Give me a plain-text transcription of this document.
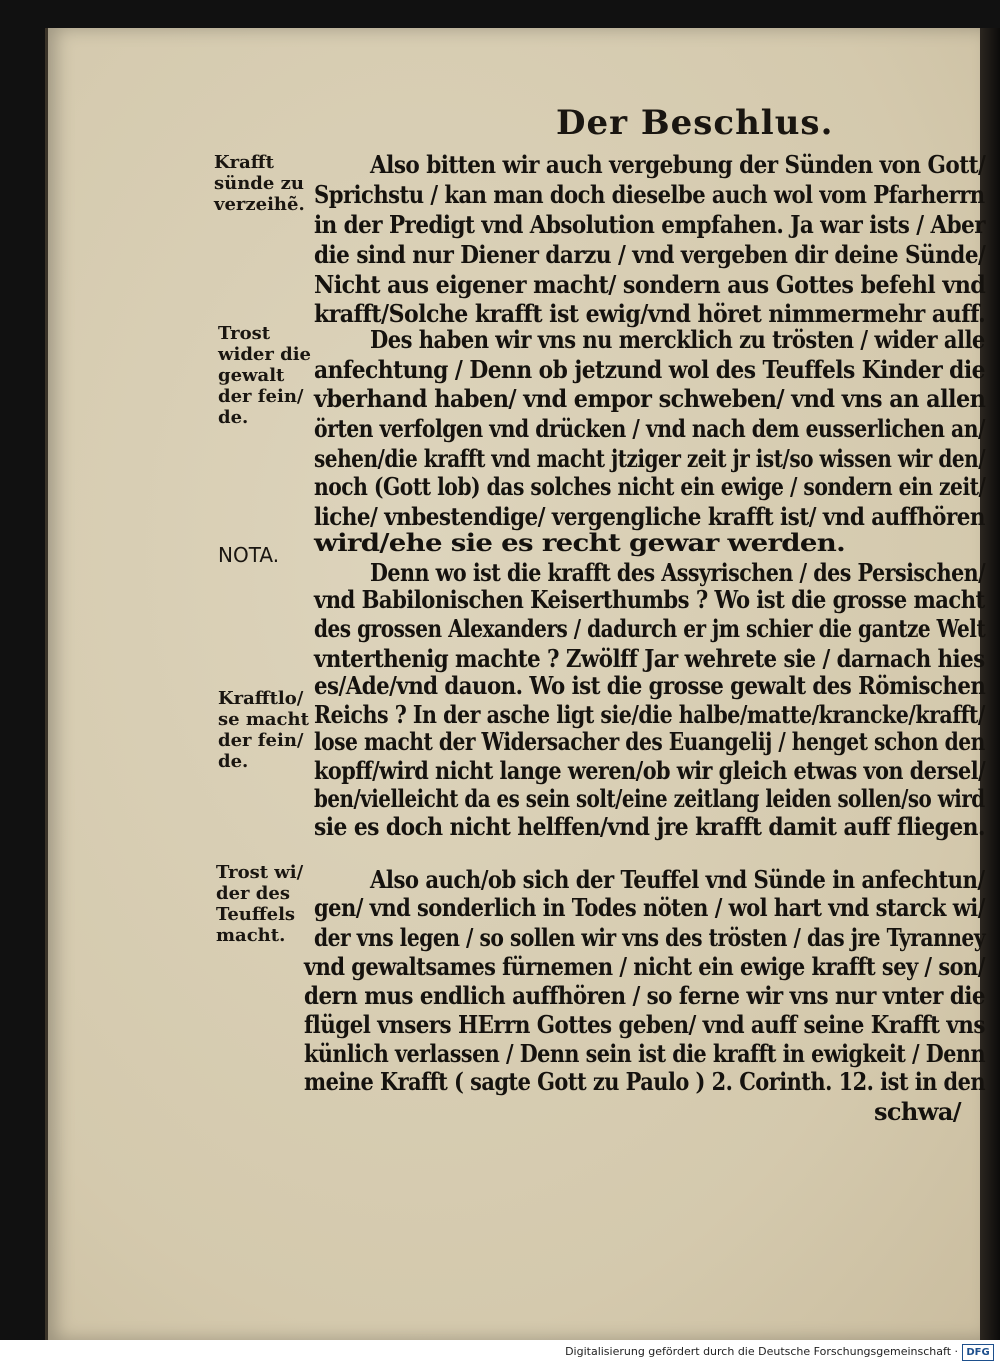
Der Beschlus.
Krafft
sünde zu
verzeihẽ.
Trost
wider die
gewalt
der fein/
de.
NOTA.
Krafftlo/
se macht
der fein/
de.
Trost wi/
der des
Teuffels
macht.
Also bitten wir auch vergebung der Sünden von Gott/
Sprichstu / kan man doch dieselbe auch wol vom Pfarherrn
in der Predigt vnd Absolution empfahen. Ja war ists / Aber
die sind nur Diener darzu / vnd vergeben dir deine Sünde/
Nicht aus eigener macht/ sondern aus Gottes befehl vnd
krafft/Solche krafft ist ewig/vnd höret nimmermehr auff.
Des haben wir vns nu mercklich zu trösten / wider alle
anfechtung / Denn ob jetzund wol des Teuffels Kinder die
vberhand haben/ vnd empor schweben/ vnd vns an allen
örten verfolgen vnd drücken / vnd nach dem eusserlichen an/
sehen/die krafft vnd macht jtziger zeit jr ist/so wissen wir den/
noch (Gott lob) das solches nicht ein ewige / sondern ein zeit/
liche/ vnbestendige/ vergengliche krafft ist/ vnd auffhören
wird/ehe sie es recht gewar werden.
Denn wo ist die krafft des Assyrischen / des Persischen/
vnd Babilonischen Keiserthumbs ? Wo ist die grosse macht
des grossen Alexanders / dadurch er jm schier die gantze Welt
vnterthenig machte ? Zwölff Jar wehrete sie / darnach hies
es/Ade/vnd dauon. Wo ist die grosse gewalt des Römischen
Reichs ? In der asche ligt sie/die halbe/matte/krancke/krafft/
lose macht der Widersacher des Euangelij / henget schon den
kopff/wird nicht lange weren/ob wir gleich etwas von dersel/
ben/vielleicht da es sein solt/eine zeitlang leiden sollen/so wird
sie es doch nicht helffen/vnd jre krafft damit auff fliegen.
Also auch/ob sich der Teuffel vnd Sünde in anfechtun/
gen/ vnd sonderlich in Todes nöten / wol hart vnd starck wi/
der vns legen / so sollen wir vns des trösten / das jre Tyranney
vnd gewaltsames fürnemen / nicht ein ewige krafft sey / son/
dern mus endlich auffhören / so ferne wir vns nur vnter die
flügel vnsers HErrn Gottes geben/ vnd auff seine Krafft vns
künlich verlassen / Denn sein ist die krafft in ewigkeit / Denn
meine Krafft ( sagte Gott zu Paulo ) 2. Corinth. 12. ist in den
schwa/
Digitalisierung gefördert durch die Deutsche Forschungsgemeinschaft · DFG
